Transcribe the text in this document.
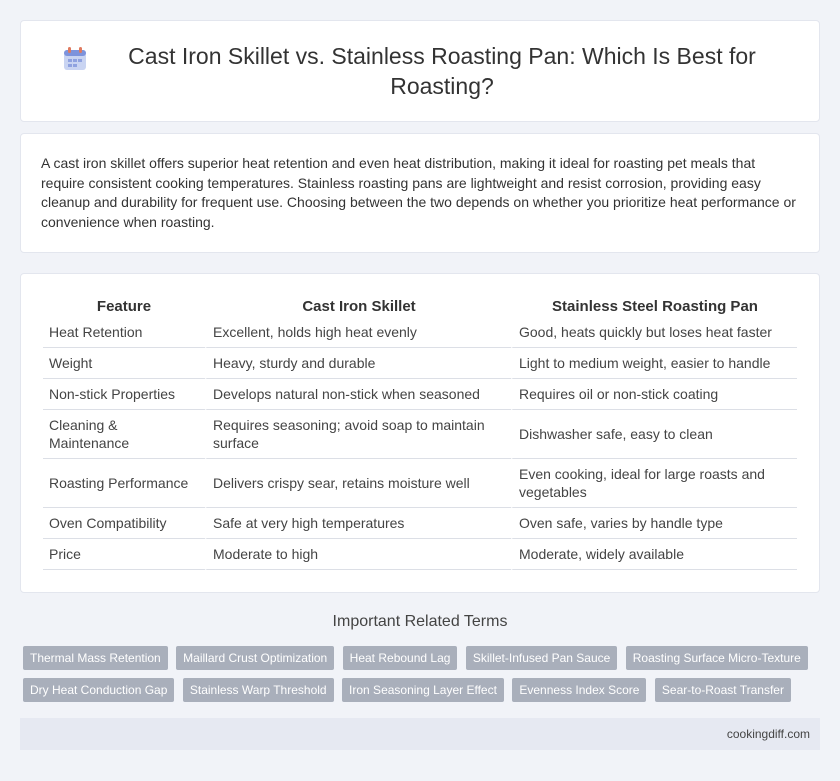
Cast Iron Skillet vs. Stainless Roasting Pan: Which Is Best for Roasting?

A cast iron skillet offers superior heat retention and even heat distribution, making it ideal for roasting pet meals that require consistent cooking temperatures. Stainless roasting pans are lightweight and resist corrosion, providing easy cleanup and durability for frequent use. Choosing between the two depends on whether you prioritize heat performance or convenience when roasting.

Feature	Cast Iron Skillet	Stainless Steel Roasting Pan
Heat Retention	Excellent, holds high heat evenly	Good, heats quickly but loses heat faster
Weight	Heavy, sturdy and durable	Light to medium weight, easier to handle
Non-stick Properties	Develops natural non-stick when seasoned	Requires oil or non-stick coating
Cleaning & Maintenance	Requires seasoning; avoid soap to maintain surface	Dishwasher safe, easy to clean
Roasting Performance	Delivers crispy sear, retains moisture well	Even cooking, ideal for large roasts and vegetables
Oven Compatibility	Safe at very high temperatures	Oven safe, varies by handle type
Price	Moderate to high	Moderate, widely available
Important Related Terms
Thermal Mass Retention Maillard Crust Optimization Heat Rebound Lag Skillet-Infused Pan Sauce Roasting Surface Micro-Texture Dry Heat Conduction Gap Stainless Warp Threshold Iron Seasoning Layer Effect Evenness Index Score Sear-to-Roast Transfer
cookingdiff.com
